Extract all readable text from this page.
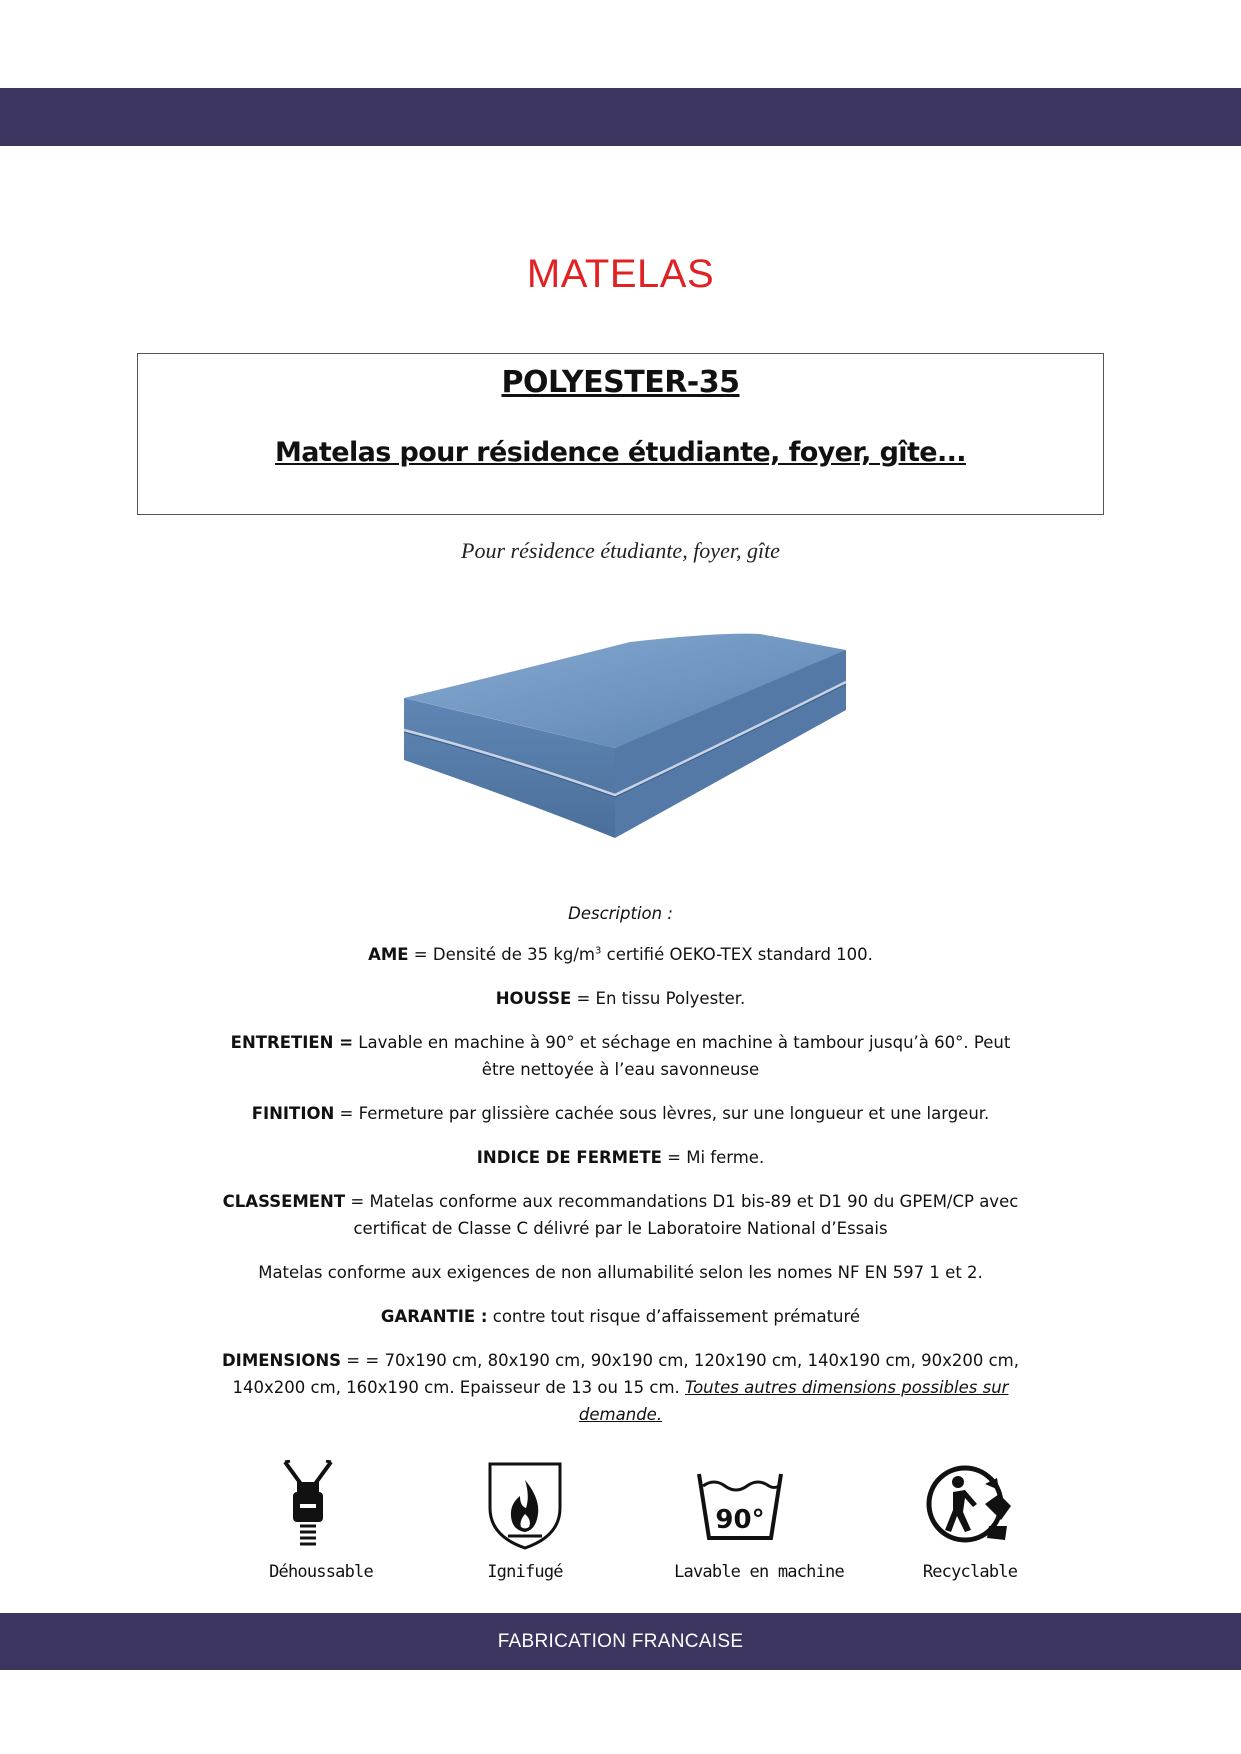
MATELAS
POLYESTER-35
Matelas pour résidence étudiante, foyer, gîte...
Pour résidence étudiante, foyer, gîte

Description :

AME = Densité de 35 $kg/m^3$ certifié OEKO-TEX standard 100.

HOUSSE = En tissu Polyester.

ENTRETIEN = Lavable en machine à 90° et séchage en machine à tambour jusqu’à 60°. Peut être nettoyée à l’eau savonneuse

FINITION = Fermeture par glissière cachée sous lèvres, sur une longueur et une largeur.

INDICE DE FERMETE = Mi ferme.

CLASSEMENT = Matelas conforme aux recommandations D1 bis-89 et D1 90 du GPEM/CP avec certificat de Classe C délivré par le Laboratoire National d’Essais

Matelas conforme aux exigences de non allumabilité selon les nomes NF EN 597 1 et 2.

GARANTIE : contre tout risque d’affaissement prématuré

DIMENSIONS = = 70x190 cm, 80x190 cm, 90x190 cm, 120x190 cm, 140x190 cm, 90x200 cm, 140x200 cm, 160x190 cm. Epaisseur de 13 ou 15 cm. Toutes autres dimensions possibles sur demande.

Déhoussable	Ignifugé
90°
Lavable en machine	Recyclable
FABRICATION FRANCAISE
